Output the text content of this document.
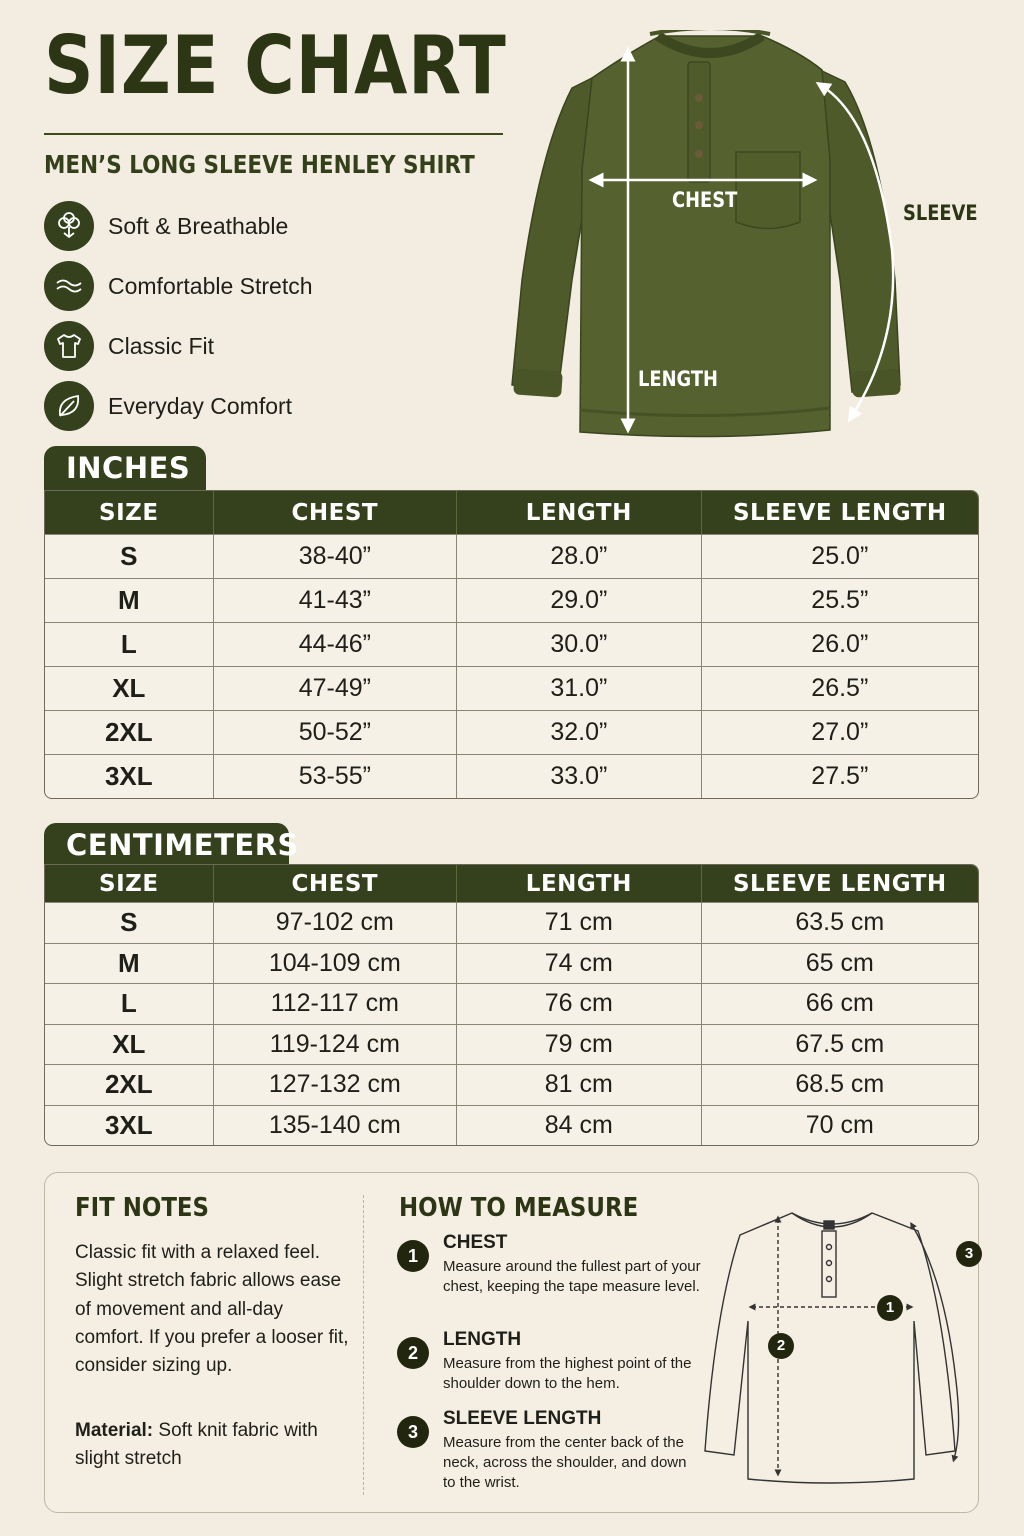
SIZE CHART
MEN’S LONG SLEEVE HENLEY SHIRT
Soft & Breathable
Comfortable Stretch
Classic Fit
Everyday Comfort
CHEST
LENGTH
SLEEVE
INCHES
SIZE	CHEST	LENGTH	SLEEVE LENGTH
S	38-40”	28.0”	25.0”
M	41-43”	29.0”	25.5”
L	44-46”	30.0”	26.0”
XL	47-49”	31.0”	26.5”
2XL	50-52”	32.0”	27.0”
3XL	53-55”	33.0”	27.5”
CENTIMETERS
SIZE	CHEST	LENGTH	SLEEVE LENGTH
S	97-102 cm	71 cm	63.5 cm
M	104-109 cm	74 cm	65 cm
L	112-117 cm	76 cm	66 cm
XL	119-124 cm	79 cm	67.5 cm
2XL	127-132 cm	81 cm	68.5 cm
3XL	135-140 cm	84 cm	70 cm
FIT NOTES

Classic fit with a relaxed feel. Slight stretch fabric allows ease of movement and all-day comfort. If you prefer a looser fit, consider sizing up.

Material: Soft knit fabric with slight stretch

HOW TO MEASURE
1
CHEST

Measure around the fullest part of your chest, keeping the tape measure level.

2
LENGTH

Measure from the highest point of the shoulder down to the hem.

3
SLEEVE LENGTH

Measure from the center back of the neck, across the shoulder, and down to the wrist.

1
2
3
